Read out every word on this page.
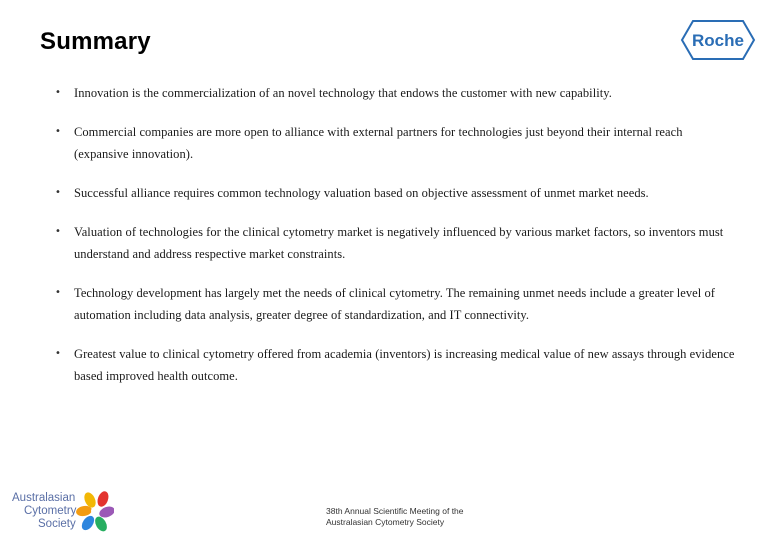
Summary	Roche
• Innovation is the commercialization of an novel technology that endows the customer with new capability.
• Commercial companies are more open to alliance with external partners for technologies just beyond their internal reach (expansive innovation).
• Successful alliance requires common technology valuation based on objective assessment of unmet market needs.
• Valuation of technologies for the clinical cytometry market is negatively influenced by various market factors, so inventors must understand and address respective market constraints.
• Technology development has largely met the needs of clinical cytometry. The remaining unmet needs include a greater level of automation including data analysis, greater degree of standardization, and IT connectivity.
• Greatest value to clinical cytometry offered from academia (inventors) is increasing medical value of new assays through evidence based improved health outcome.
Australasian
Cytometry
Society
38th Annual Scientific Meeting of the
Australasian Cytometry Society
